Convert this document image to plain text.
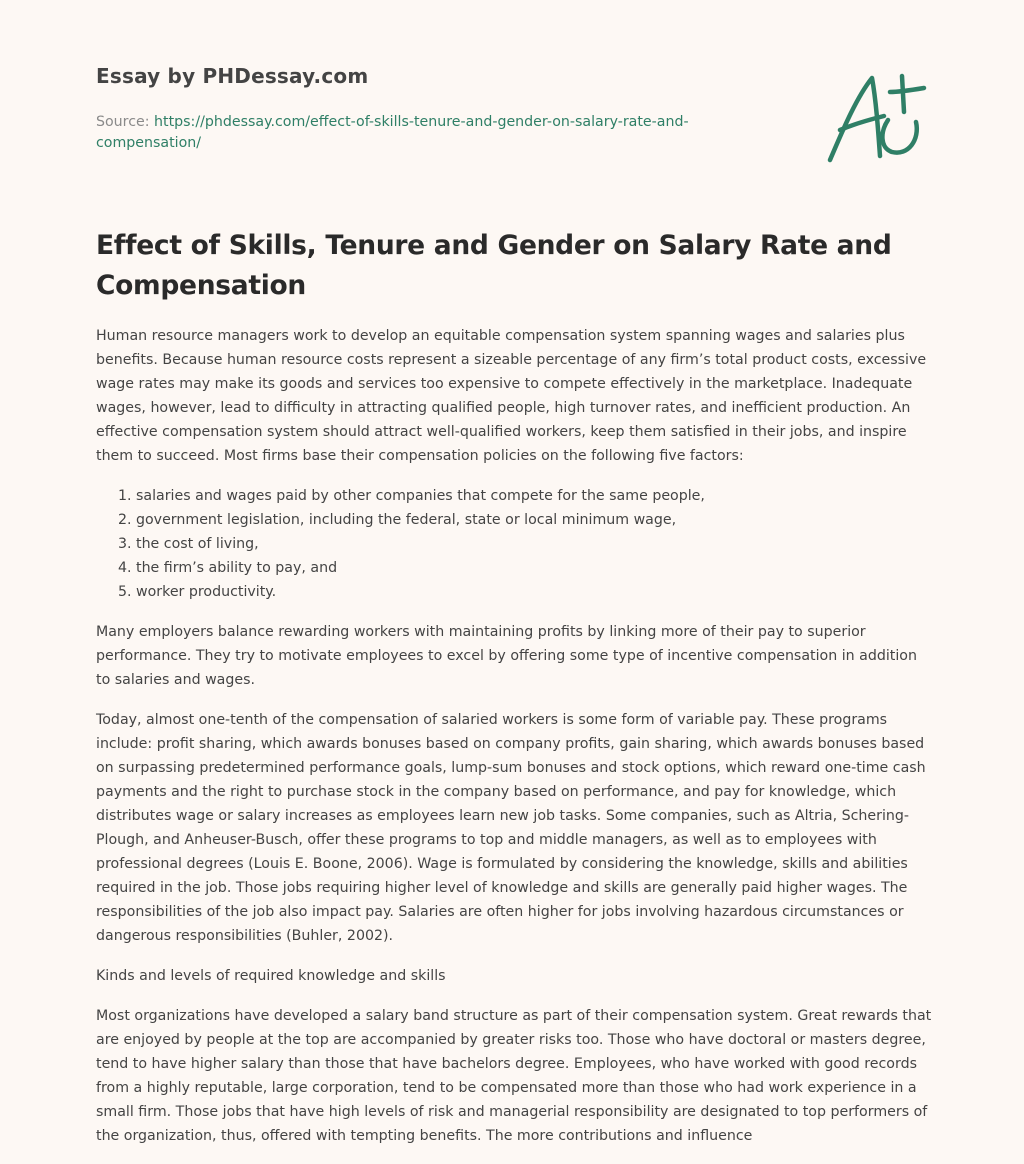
Essay by PHDessay.com
Source: https://phdessay.com/effect-of-skills-tenure-and-gender-on-salary-rate-and-compensation/
Effect of Skills, Tenure and Gender on Salary Rate and Compensation

Human resource managers work to develop an equitable compensation system spanning wages and salaries plus benefits. Because human resource costs represent a sizeable percentage of any firm’s total product costs, excessive wage rates may make its goods and services too expensive to compete effectively in the marketplace. Inadequate wages, however, lead to difficulty in attracting qualified people, high turnover rates, and inefficient production. An effective compensation system should attract well-qualified workers, keep them satisfied in their jobs, and inspire them to succeed. Most firms base their compensation policies on the following five factors:

1. salaries and wages paid by other companies that compete for the same people,
2. government legislation, including the federal, state or local minimum wage,
3. the cost of living,
4. the firm’s ability to pay, and
5. worker productivity.

Many employers balance rewarding workers with maintaining profits by linking more of their pay to superior performance. They try to motivate employees to excel by offering some type of incentive compensation in addition to salaries and wages.

Today, almost one-tenth of the compensation of salaried workers is some form of variable pay. These programs include: profit sharing, which awards bonuses based on company profits, gain sharing, which awards bonuses based on surpassing predetermined performance goals, lump-sum bonuses and stock options, which reward one-time cash payments and the right to purchase stock in the company based on performance, and pay for knowledge, which distributes wage or salary increases as employees learn new job tasks. Some companies, such as Altria, Schering-Plough, and Anheuser-Busch, offer these programs to top and middle managers, as well as to employees with professional degrees (Louis E. Boone, 2006). Wage is formulated by considering the knowledge, skills and abilities required in the job. Those jobs requiring higher level of knowledge and skills are generally paid higher wages. The responsibilities of the job also impact pay. Salaries are often higher for jobs involving hazardous circumstances or dangerous responsibilities (Buhler, 2002).

Kinds and levels of required knowledge and skills

Most organizations have developed a salary band structure as part of their compensation system. Great rewards that are enjoyed by people at the top are accompanied by greater risks too. Those who have doctoral or masters degree, tend to have higher salary than those that have bachelors degree. Employees, who have worked with good records from a highly reputable, large corporation, tend to be compensated more than those who had work experience in a small firm. Those jobs that have high levels of risk and managerial responsibility are designated to top performers of the organization, thus, offered with tempting benefits. The more contributions and influence
